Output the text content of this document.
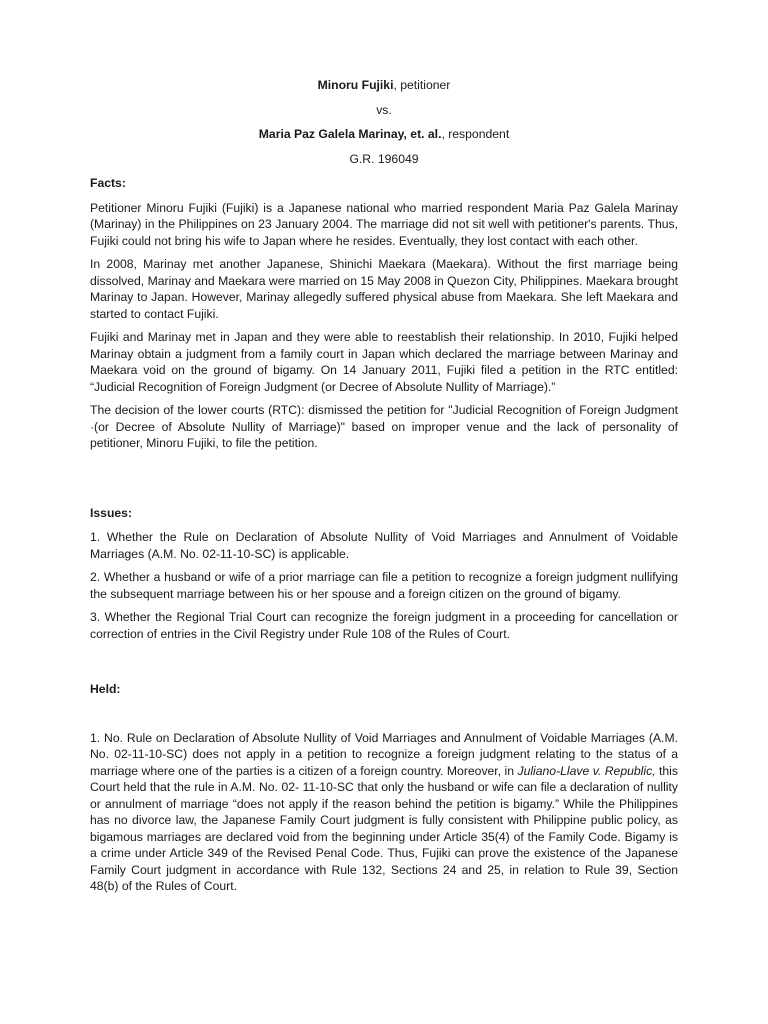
Minoru Fujiki, petitioner

vs.

Maria Paz Galela Marinay, et. al., respondent

G.R. 196049

Facts:

Petitioner Minoru Fujiki (Fujiki) is a Japanese national who married respondent Maria Paz Galela Marinay (Marinay) in the Philippines on 23 January 2004. The marriage did not sit well with petitioner's parents. Thus, Fujiki could not bring his wife to Japan where he resides. Eventually, they lost contact with each other.

In 2008, Marinay met another Japanese, Shinichi Maekara (Maekara). Without the first marriage being dissolved, Marinay and Maekara were married on 15 May 2008 in Quezon City, Philippines. Maekara brought Marinay to Japan. However, Marinay allegedly suffered physical abuse from Maekara. She left Maekara and started to contact Fujiki.

Fujiki and Marinay met in Japan and they were able to reestablish their relationship. In 2010, Fujiki helped Marinay obtain a judgment from a family court in Japan which declared the marriage between Marinay and Maekara void on the ground of bigamy. On 14 January 2011, Fujiki filed a petition in the RTC entitled: “Judicial Recognition of Foreign Judgment (or Decree of Absolute Nullity of Marriage).”

The decision of the lower courts (RTC): dismissed the petition for "Judicial Recognition of Foreign Judgment ·(or Decree of Absolute Nullity of Marriage)" based on improper venue and the lack of personality of petitioner, Minoru Fujiki, to file the petition.

Issues:

1. Whether the Rule on Declaration of Absolute Nullity of Void Marriages and Annulment of Voidable Marriages (A.M. No. 02-11-10-SC) is applicable.

2. Whether a husband or wife of a prior marriage can file a petition to recognize a foreign judgment nullifying the subsequent marriage between his or her spouse and a foreign citizen on the ground of bigamy.

3. Whether the Regional Trial Court can recognize the foreign judgment in a proceeding for cancellation or correction of entries in the Civil Registry under Rule 108 of the Rules of Court.

Held:

1. No. Rule on Declaration of Absolute Nullity of Void Marriages and Annulment of Voidable Marriages (A.M. No. 02-11-10-SC) does not apply in a petition to recognize a foreign judgment relating to the status of a marriage where one of the parties is a citizen of a foreign country. Moreover, in Juliano-Llave v. Republic, this Court held that the rule in A.M. No. 02- 11-10-SC that only the husband or wife can file a declaration of nullity or annulment of marriage “does not apply if the reason behind the petition is bigamy.” While the Philippines has no divorce law, the Japanese Family Court judgment is fully consistent with Philippine public policy, as bigamous marriages are declared void from the beginning under Article 35(4) of the Family Code. Bigamy is a crime under Article 349 of the Revised Penal Code. Thus, Fujiki can prove the existence of the Japanese Family Court judgment in accordance with Rule 132, Sections 24 and 25, in relation to Rule 39, Section 48(b) of the Rules of Court.
